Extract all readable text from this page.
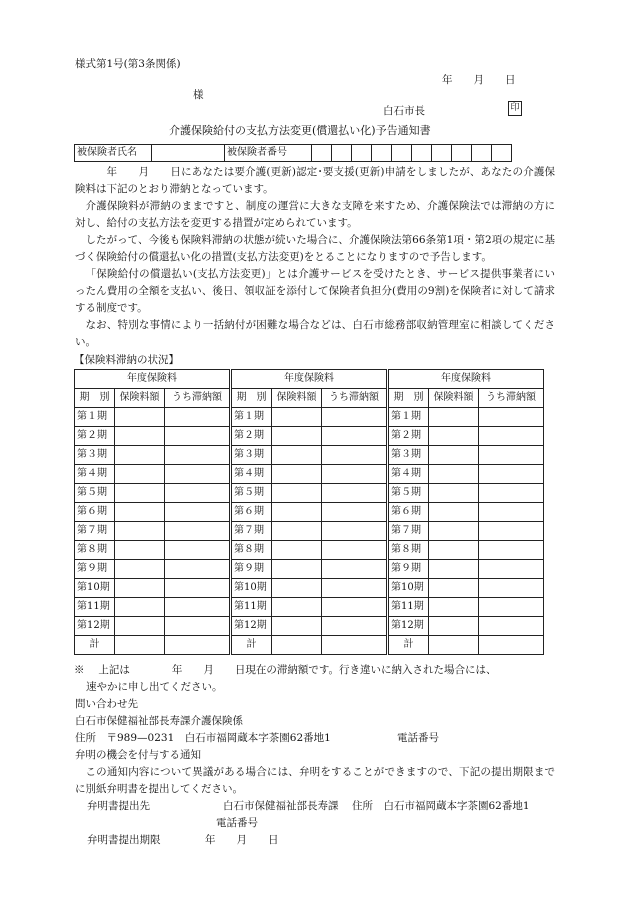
様式第1号(第3条関係)
年　　月　　日
様
白石市長	印
介護保険給付の支払方法変更(償還払い化)予告通知書
被保険者氏名		被保険者番号										

年　　月　　日にあなたは要介護(更新)認定･要支援(更新)申請をしましたが、あなたの介護保険料は下記のとおり滞納となっています。

介護保険料が滞納のままですと、制度の運営に大きな支障を来すため、介護保険法では滞納の方に対し、給付の支払方法を変更する措置が定められています。

したがって、今後も保険料滞納の状態が続いた場合に、介護保険法第66条第1項・第2項の規定に基づく保険給付の償還払い化の措置(支払方法変更)をとることになりますので予告します。

「保険給付の償還払い(支払方法変更)」とは介護サービスを受けたとき、サービス提供事業者にいったん費用の全額を支払い、後日、領収証を添付して保険者負担分(費用の9割)を保険者に対して請求する制度です。

なお、特別な事情により一括納付が困難な場合などは、白石市総務部収納管理室に相談してください。

【保険料滞納の状況】
年度保険料				年度保険料				年度保険料		
期　別	保険料額	うち滞納額		期　別	保険料額	うち滞納額		期　別	保険料額	うち滞納額
第１期				第１期				第１期		
第２期				第２期				第２期		
第３期				第３期				第３期		
第４期				第４期				第４期		
第５期				第５期				第５期		
第６期				第６期				第６期		
第７期				第７期				第７期		
第８期				第８期				第８期		
第９期				第９期				第９期		
第10期				第10期				第10期		
第11期				第11期				第11期		
第12期				第12期				第12期		
計				計				計		
※　 上記は　　　　年　　月　　日現在の滞納額です。行き違いに納入された場合には、
速やかに申し出てください。
問い合わせ先
白石市保健福祉部長寿課介護保険係
住所　〒989—0231　白石市福岡蔵本字茶園62番地1	電話番号
弁明の機会を付与する通知

この通知内容について異議がある場合には、弁明をすることができますので、下記の提出期限までに別紙弁明書を提出してください。

弁明書提出先	白石市保健福祉部長寿課 住所　白石市福岡蔵本字茶園62番地1
電話番号
弁明書提出期限	年　　月　　日
